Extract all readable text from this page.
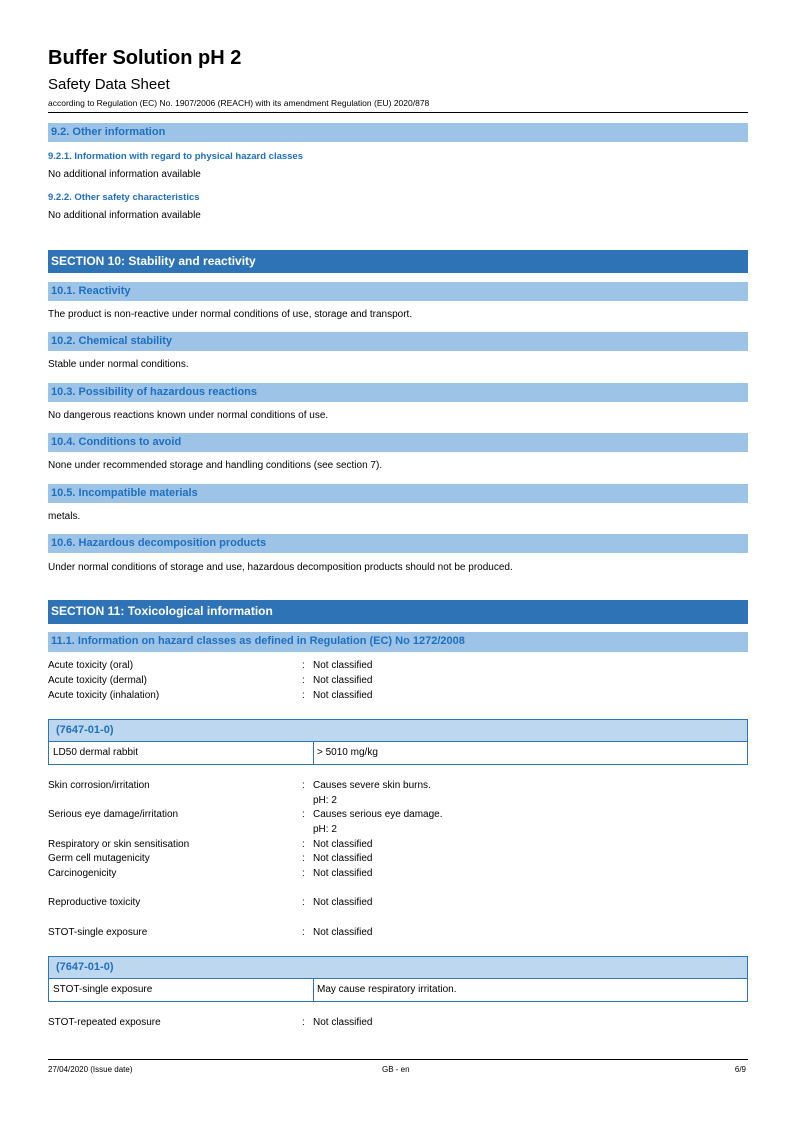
Buffer Solution pH 2
Safety Data Sheet
according to Regulation (EC) No. 1907/2006 (REACH) with its amendment Regulation (EU) 2020/878
9.2. Other information
9.2.1. Information with regard to physical hazard classes
No additional information available
9.2.2. Other safety characteristics
No additional information available
SECTION 10: Stability and reactivity
10.1. Reactivity
The product is non-reactive under normal conditions of use, storage and transport.
10.2. Chemical stability
Stable under normal conditions.
10.3. Possibility of hazardous reactions
No dangerous reactions known under normal conditions of use.
10.4. Conditions to avoid
None under recommended storage and handling conditions (see section 7).
10.5. Incompatible materials
metals.
10.6. Hazardous decomposition products
Under normal conditions of storage and use, hazardous decomposition products should not be produced.
SECTION 11: Toxicological information
11.1. Information on hazard classes as defined in Regulation (EC) No 1272/2008
Acute toxicity (oral)	: Not classified
Acute toxicity (dermal)	: Not classified
Acute toxicity (inhalation)	: Not classified
(7647-01-0)
LD50 dermal rabbit	> 5010 mg/kg
Skin corrosion/irritation	: Causes severe skin burns.
pH: 2
Serious eye damage/irritation	: Causes serious eye damage.
pH: 2
Respiratory or skin sensitisation	: Not classified
Germ cell mutagenicity	: Not classified
Carcinogenicity	: Not classified
Reproductive toxicity	: Not classified
STOT-single exposure	: Not classified
(7647-01-0)
STOT-single exposure	May cause respiratory irritation.
STOT-repeated exposure	: Not classified
27/04/2020 (Issue date)	GB - en	6/9
